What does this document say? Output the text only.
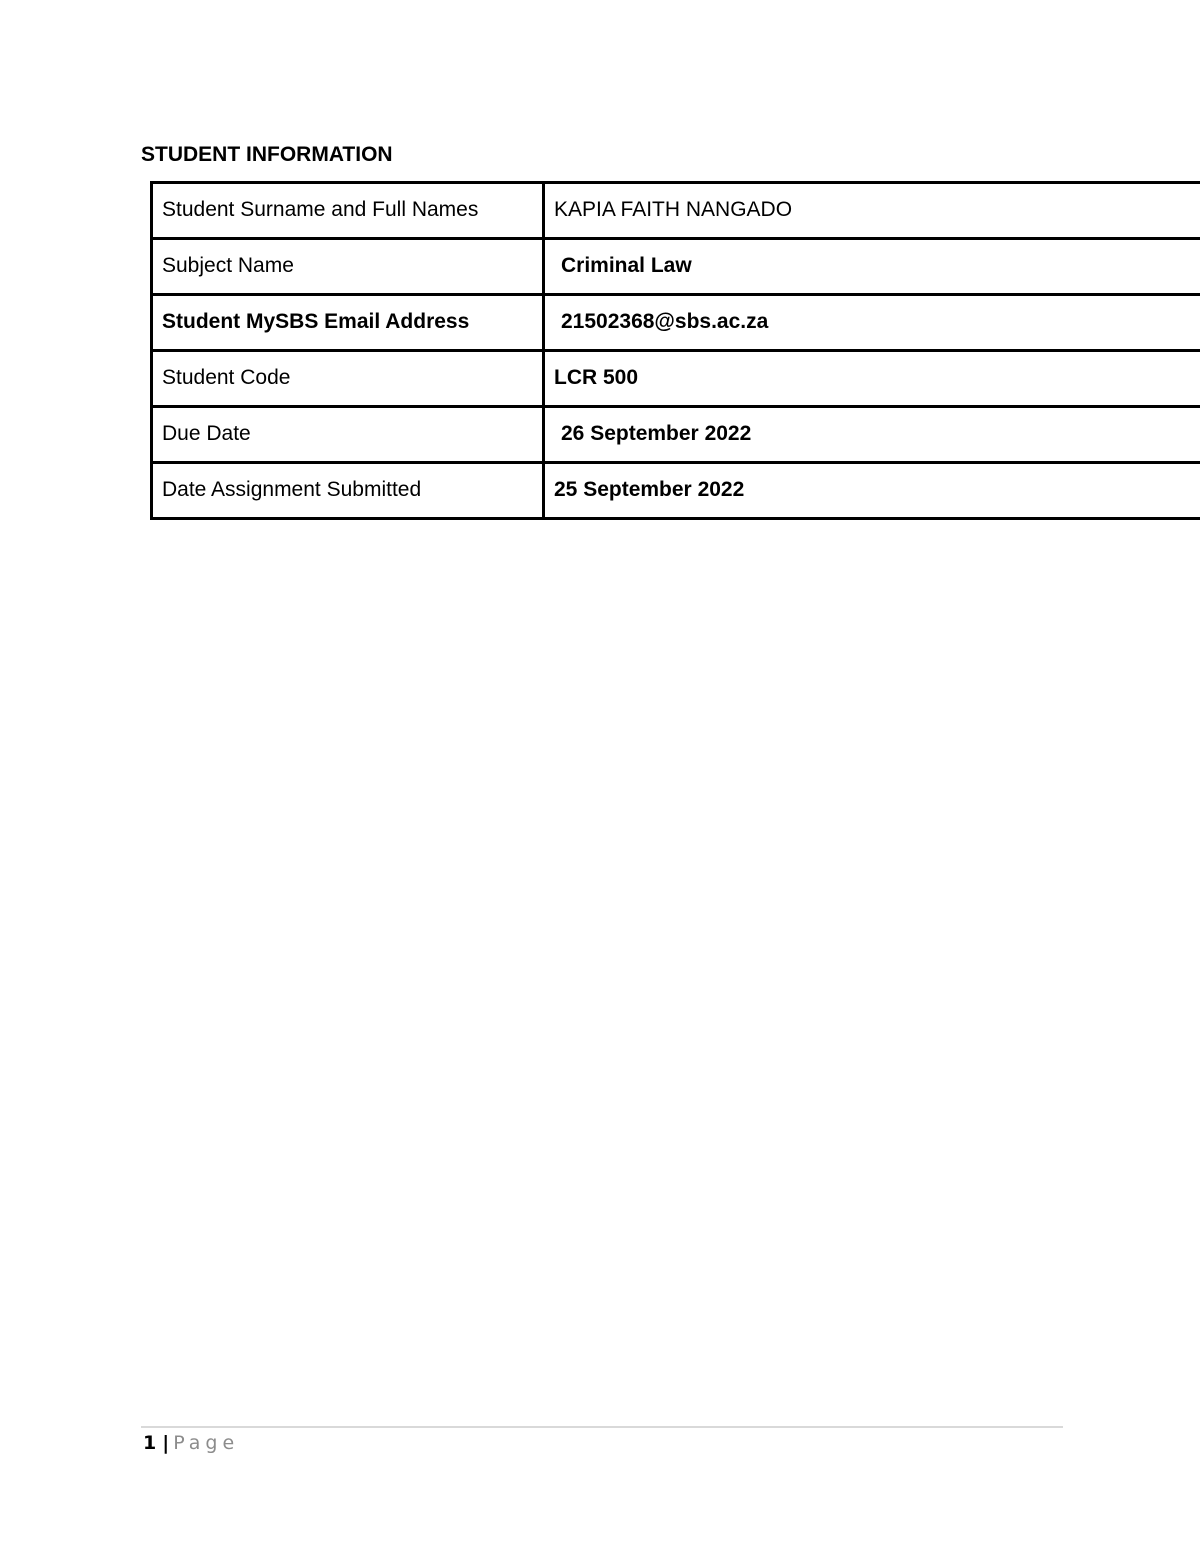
STUDENT INFORMATION
Student Surname and Full Names	KAPIA FAITH NANGADO
Subject Name	Criminal Law
Student MySBS Email Address	21502368@sbs.ac.za
Student Code	LCR 500
Due Date	26 September 2022
Date Assignment Submitted	25 September 2022
1 | Page
